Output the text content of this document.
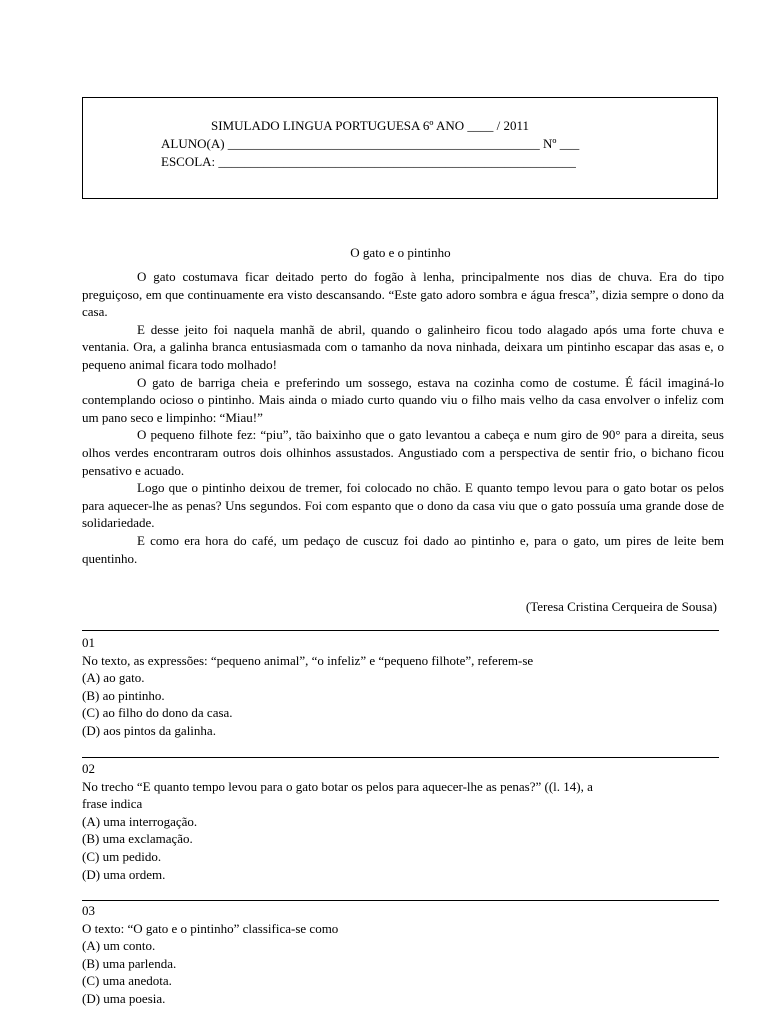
SIMULADO LINGUA PORTUGUESA 6º ANO ____ / 2011
ALUNO(A) ________________________________________________ Nº ___
ESCOLA: _______________________________________________________
O gato e o pintinho

O gato costumava ficar deitado perto do fogão à lenha, principalmente nos dias de chuva. Era do tipo preguiçoso, em que continuamente era visto descansando. “Este gato adoro sombra e água fresca”, dizia sempre o dono da casa.

E desse jeito foi naquela manhã de abril, quando o galinheiro ficou todo alagado após uma forte chuva e ventania. Ora, a galinha branca entusiasmada com o tamanho da nova ninhada, deixara um pintinho escapar das asas e, o pequeno animal ficara todo molhado!

O gato de barriga cheia e preferindo um sossego, estava na cozinha como de costume. É fácil imaginá-lo contemplando ocioso o pintinho. Mais ainda o miado curto quando viu o filho mais velho da casa envolver o infeliz com um pano seco e limpinho: “Miau!”

O pequeno filhote fez: “piu”, tão baixinho que o gato levantou a cabeça e num giro de 90° para a direita, seus olhos verdes encontraram outros dois olhinhos assustados. Angustiado com a perspectiva de sentir frio, o bichano ficou pensativo e acuado.

Logo que o pintinho deixou de tremer, foi colocado no chão. E quanto tempo levou para o gato botar os pelos para aquecer-lhe as penas? Uns segundos. Foi com espanto que o dono da casa viu que o gato possuía uma grande dose de solidariedade.

E como era hora do café, um pedaço de cuscuz foi dado ao pintinho e, para o gato, um pires de leite bem quentinho.

(Teresa Cristina Cerqueira de Sousa)
01
No texto, as expressões: “pequeno animal”, “o infeliz” e “pequeno filhote”, referem-se
(A) ao gato.
(B) ao pintinho.
(C) ao filho do dono da casa.
(D) aos pintos da galinha.
02
No trecho “E quanto tempo levou para o gato botar os pelos para aquecer-lhe as penas?” ((l. 14), a
frase indica
(A) uma interrogação.
(B) uma exclamação.
(C) um pedido.
(D) uma ordem.
03
O texto: “O gato e o pintinho” classifica-se como
(A) um conto.
(B) uma parlenda.
(C) uma anedota.
(D) uma poesia.
